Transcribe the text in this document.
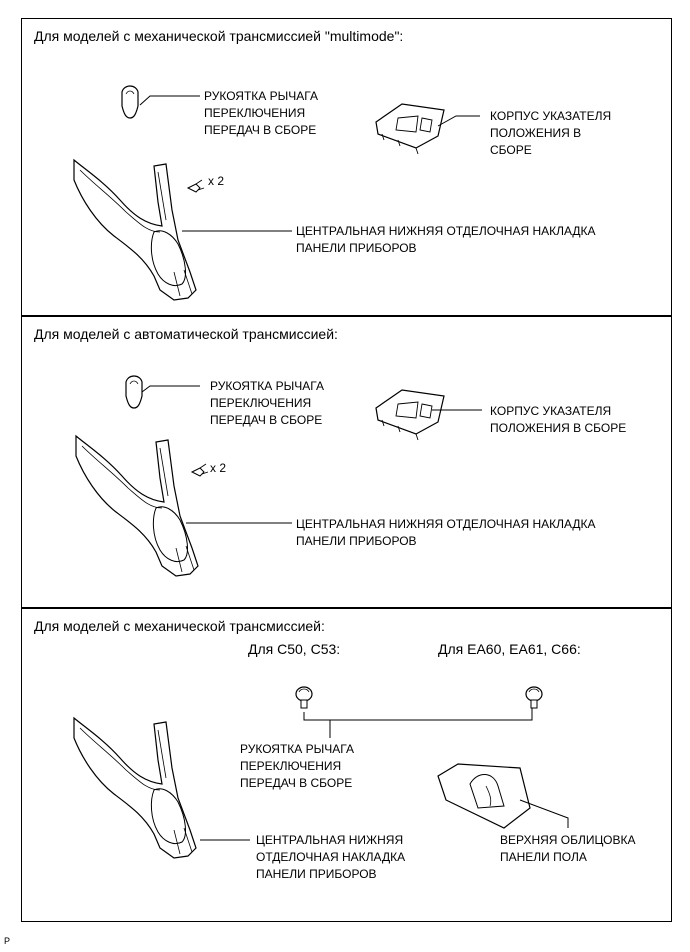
Для моделей с механической трансмиссией "multimode":
РУКОЯТКА РЫЧАГА
ПЕРЕКЛЮЧЕНИЯ
ПЕРЕДАЧ В СБОРЕ
КОРПУС УКАЗАТЕЛЯ
ПОЛОЖЕНИЯ В
СБОРЕ
x 2
ЦЕНТРАЛЬНАЯ НИЖНЯЯ ОТДЕЛОЧНАЯ НАКЛАДКА
ПАНЕЛИ ПРИБОРОВ
Для моделей с автоматической трансмиссией:
РУКОЯТКА РЫЧАГА
ПЕРЕКЛЮЧЕНИЯ
ПЕРЕДАЧ В СБОРЕ
КОРПУС УКАЗАТЕЛЯ
ПОЛОЖЕНИЯ В СБОРЕ
x 2
ЦЕНТРАЛЬНАЯ НИЖНЯЯ ОТДЕЛОЧНАЯ НАКЛАДКА
ПАНЕЛИ ПРИБОРОВ
Для моделей с механической трансмиссией:
Для C50, C53:	Для EA60, EA61, C66:
РУКОЯТКА РЫЧАГА
ПЕРЕКЛЮЧЕНИЯ
ПЕРЕДАЧ В СБОРЕ
ЦЕНТРАЛЬНАЯ НИЖНЯЯ
ОТДЕЛОЧНАЯ НАКЛАДКА
ПАНЕЛИ ПРИБОРОВ
ВЕРХНЯЯ ОБЛИЦОВКА
ПАНЕЛИ ПОЛА
P
